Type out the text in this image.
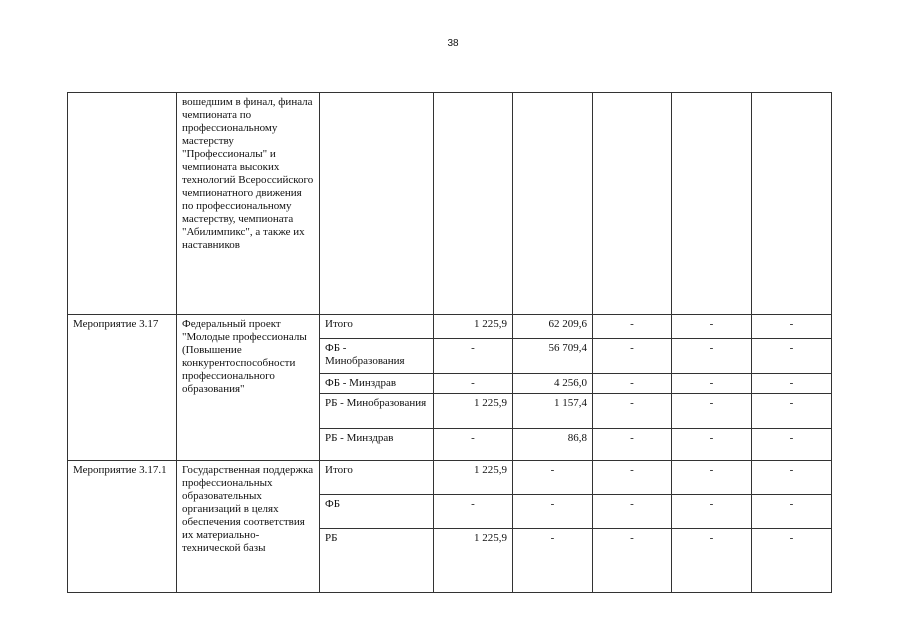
38
	вошедшим в финал, финала чемпионата по профессиональному мастерству "Профессионалы" и чемпионата высоких технологий Всероссийского чемпионатного движения по профессиональному мастерству, чемпионата "Абилимпикс", а также их наставников						
Мероприятие 3.17	Федеральный проект "Молодые профессионалы (Повышение конкурентоспособности профессионального образования"	Итого	1 225,9	62 209,6	-	-	-
		ФБ - Минобразования	-	56 709,4	-	-	-
		ФБ - Минздрав	-	4 256,0	-	-	-
		РБ - Минобразования	1 225,9	1 157,4	-	-	-
		РБ - Минздрав	-	86,8	-	-	-
Мероприятие 3.17.1	Государственная поддержка профессиональных образовательных организаций в целях обеспечения соответствия их материально-технической базы	Итого	1 225,9	-	-	-	-
		ФБ	-	-	-	-	-
		РБ	1 225,9	-	-	-	-
